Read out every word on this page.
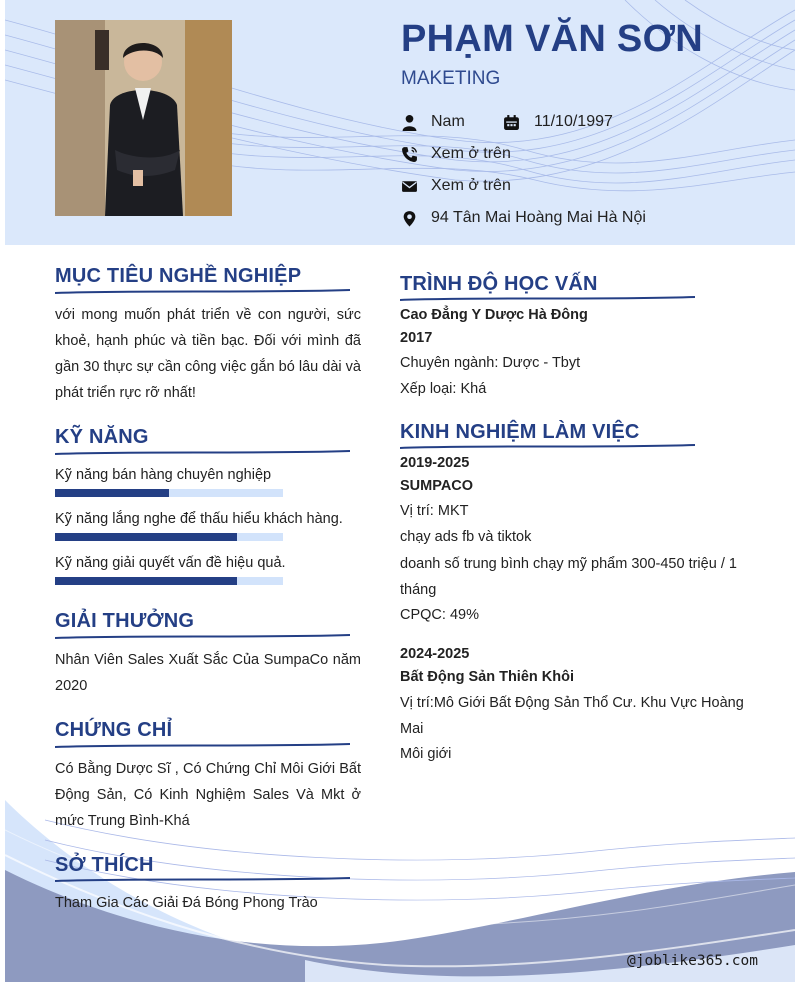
PHẠM VĂN SƠN
MAKETING
Nam	11/10/1997
Xem ở trên
Xem ở trên
94 Tân Mai Hoàng Mai Hà Nội
MỤC TIÊU NGHỀ NGHIỆP
với mong muốn phát triển về con người, sức khoẻ, hạnh phúc và tiền bạc. Đối với mình đã gần 30 thực sự cần công việc gắn bó lâu dài và phát triển rực rỡ nhất!
KỸ NĂNG
Kỹ năng bán hàng chuyên nghiệp
Kỹ năng lắng nghe để thấu hiểu khách hàng.
Kỹ năng giải quyết vấn đề hiệu quả.
GIẢI THƯỞNG
Nhân Viên Sales Xuất Sắc Của SumpaCo năm 2020
CHỨNG CHỈ
Có Bằng Dược Sĩ , Có Chứng Chỉ Môi Giới Bất Động Sản, Có Kinh Nghiệm Sales Và Mkt ở mức Trung Bình-Khá
SỞ THÍCH
Tham Gia Các Giải Đá Bóng Phong Trào
TRÌNH ĐỘ HỌC VẤN
Cao Đẳng Y Dược Hà Đông
2017
Chuyên ngành: Dược - Tbyt
Xếp loại: Khá
KINH NGHIỆM LÀM VIỆC
2019-2025
SUMPACO
Vị trí: MKT
chạy ads fb và tiktok
doanh số trung bình chạy mỹ phẩm 300-450 triệu / 1 tháng
CPQC: 49%
2024-2025
Bất Động Sản Thiên Khôi
Vị trí:Mô Giới Bất Động Sản Thổ Cư. Khu Vực Hoàng Mai
Môi giới
@joblike365.com
